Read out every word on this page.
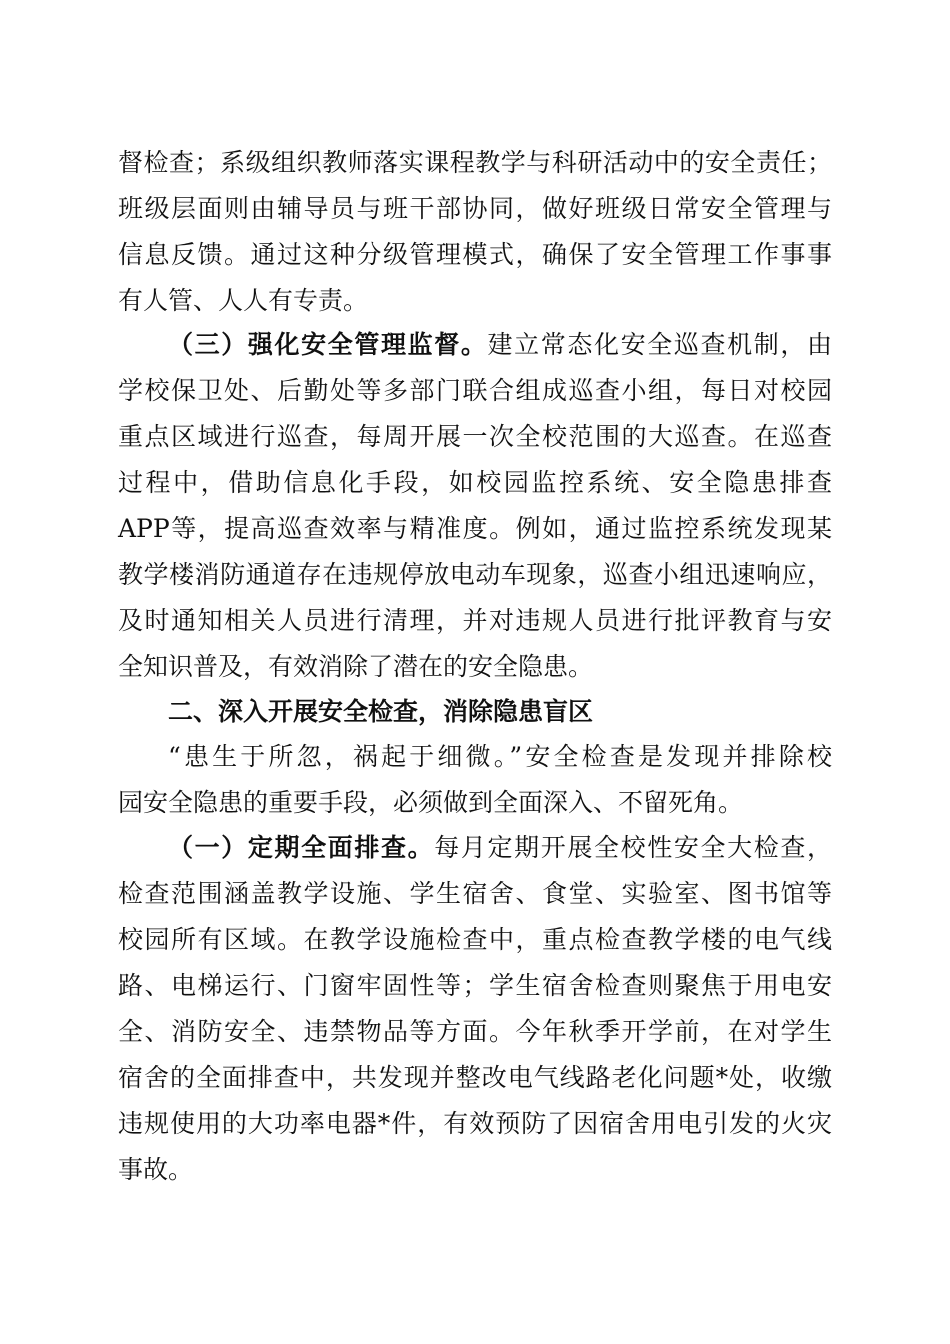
督检查；系级组织教师落实课程教学与科研活动中的安全责任；
班级层面则由辅导员与班干部协同，做好班级日常安全管理与
信息反馈。通过这种分级管理模式，确保了安全管理工作事事
有人管、人人有专责。
（三）强化安全管理监督。建立常态化安全巡查机制，由
学校保卫处、后勤处等多部门联合组成巡查小组，每日对校园
重点区域进行巡查，每周开展一次全校范围的大巡查。在巡查
过程中，借助信息化手段，如校园监控系统、安全隐患排查
APP等，提高巡查效率与精准度。例如，通过监控系统发现某
教学楼消防通道存在违规停放电动车现象，巡查小组迅速响应，
及时通知相关人员进行清理，并对违规人员进行批评教育与安
全知识普及，有效消除了潜在的安全隐患。
二、深入开展安全检查，消除隐患盲区
“患生于所忽，祸起于细微。”安全检查是发现并排除校
园安全隐患的重要手段，必须做到全面深入、不留死角。
（一）定期全面排查。每月定期开展全校性安全大检查，
检查范围涵盖教学设施、学生宿舍、食堂、实验室、图书馆等
校园所有区域。在教学设施检查中，重点检查教学楼的电气线
路、电梯运行、门窗牢固性等；学生宿舍检查则聚焦于用电安
全、消防安全、违禁物品等方面。今年秋季开学前，在对学生
宿舍的全面排查中，共发现并整改电气线路老化问题*处，收缴
违规使用的大功率电器*件，有效预防了因宿舍用电引发的火灾
事故。
